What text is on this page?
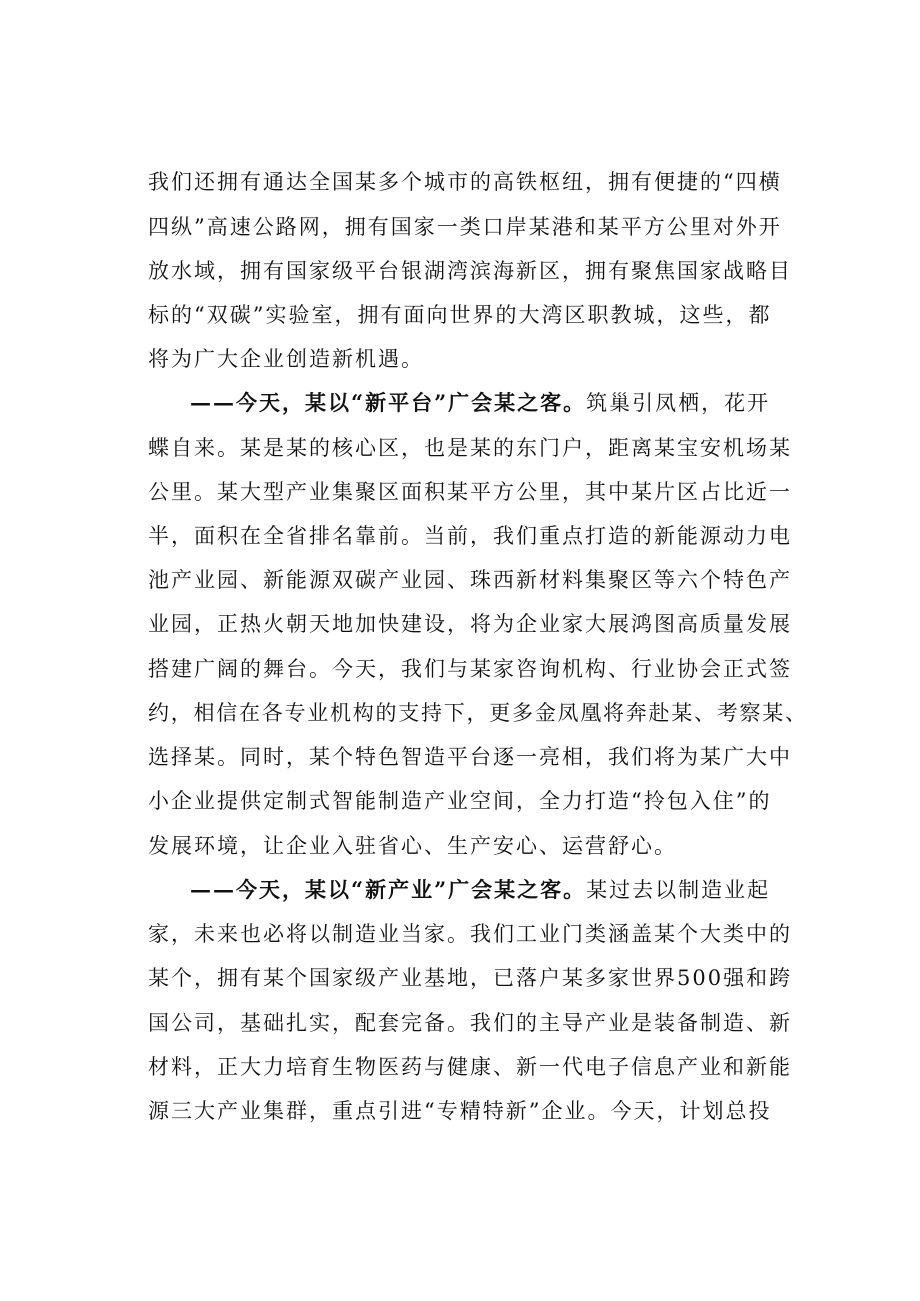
我们还拥有通达全国某多个城市的高铁枢纽，拥有便捷的“四横
四纵”高速公路网，拥有国家一类口岸某港和某平方公里对外开
放水域，拥有国家级平台银湖湾滨海新区，拥有聚焦国家战略目
标的“双碳”实验室，拥有面向世界的大湾区职教城，这些，都
将为广大企业创造新机遇。
——今天，某以“新平台”广会某之客。筑巢引凤栖，花开
蝶自来。某是某的核心区，也是某的东门户，距离某宝安机场某
公里。某大型产业集聚区面积某平方公里，其中某片区占比近一
半，面积在全省排名靠前。当前，我们重点打造的新能源动力电
池产业园、新能源双碳产业园、珠西新材料集聚区等六个特色产
业园，正热火朝天地加快建设，将为企业家大展鸿图高质量发展
搭建广阔的舞台。今天，我们与某家咨询机构、行业协会正式签
约，相信在各专业机构的支持下，更多金凤凰将奔赴某、考察某、
选择某。同时，某个特色智造平台逐一亮相，我们将为某广大中
小企业提供定制式智能制造产业空间，全力打造“拎包入住”的
发展环境，让企业入驻省心、生产安心、运营舒心。
——今天，某以“新产业”广会某之客。某过去以制造业起
家，未来也必将以制造业当家。我们工业门类涵盖某个大类中的
某个，拥有某个国家级产业基地，已落户某多家世界500强和跨
国公司，基础扎实，配套完备。我们的主导产业是装备制造、新
材料，正大力培育生物医药与健康、新一代电子信息产业和新能
源三大产业集群，重点引进“专精特新”企业。今天，计划总投
